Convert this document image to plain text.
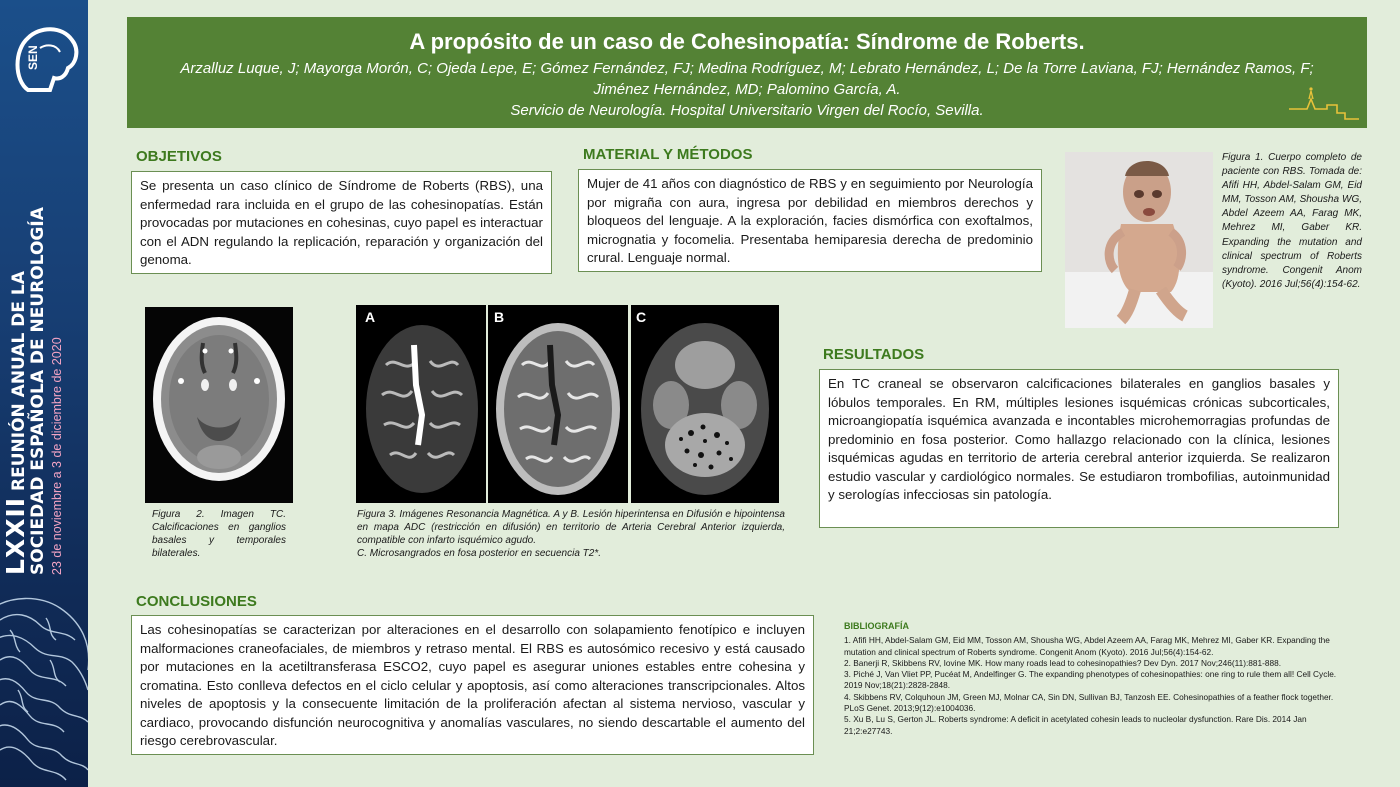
SEN
LXXII REUNIÓN ANUAL DE LA SOCIEDAD ESPAÑOLA DE NEUROLOGÍA 23 de noviembre a 3 de diciembre de 2020
A propósito de un caso de Cohesinopatía: Síndrome de Roberts.
Arzalluz Luque, J; Mayorga Morón, C; Ojeda Lepe, E; Gómez Fernández, FJ; Medina Rodríguez, M; Lebrato Hernández, L; De la Torre Laviana, FJ; Hernández Ramos, F; Jiménez Hernández, MD; Palomino García, A.
Servicio de Neurología. Hospital Universitario Virgen del Rocío, Sevilla.
OBJETIVOS
Se presenta un caso clínico de Síndrome de Roberts (RBS), una enfermedad rara incluida en el grupo de las cohesinopatías. Están provocadas por mutaciones en cohesinas, cuyo papel es interactuar con el ADN regulando la replicación, reparación y organización del genoma.
MATERIAL Y MÉTODOS
Mujer de 41 años con diagnóstico de RBS y en seguimiento por Neurología por migraña con aura, ingresa por debilidad en miembros derechos y bloqueos del lenguaje. A la exploración, facies dismórfica con exoftalmos, micrognatia y focomelia. Presentaba hemiparesia derecha de predominio crural. Lenguaje normal.
Figura 1. Cuerpo completo de paciente con RBS. Tomada de: Afifi HH, Abdel-Salam GM, Eid MM, Tosson AM, Shousha WG, Abdel Azeem AA, Farag MK, Mehrez MI, Gaber KR. Expanding the mutation and clinical spectrum of Roberts syndrome. Congenit Anom (Kyoto). 2016 Jul;56(4):154-62.
Figura 2. Imagen TC. Calcificaciones en ganglios basales y temporales bilaterales.
A	B	C
Figura 3. Imágenes Resonancia Magnética. A y B. Lesión hiperintensa en Difusión e hipointensa en mapa ADC (restricción en difusión) en territorio de Arteria Cerebral Anterior izquierda, compatible con infarto isquémico agudo.
C. Microsangrados en fosa posterior en secuencia T2*.
RESULTADOS
En TC craneal se observaron calcificaciones bilaterales en ganglios basales y lóbulos temporales. En RM, múltiples lesiones isquémicas crónicas subcorticales, microangiopatía isquémica avanzada e incontables microhemorragias profundas de predominio en fosa posterior. Como hallazgo relacionado con la clínica, lesiones isquémicas agudas en territorio de arteria cerebral anterior izquierda. Se realizaron estudio vascular y cardiológico normales. Se estudiaron trombofilias, autoinmunidad y serologías infecciosas sin patología.
CONCLUSIONES
Las cohesinopatías se caracterizan por alteraciones en el desarrollo con solapamiento fenotípico e incluyen malformaciones craneofaciales, de miembros y retraso mental. El RBS es autosómico recesivo y está causado por mutaciones en la acetiltransferasa ESCO2, cuyo papel es asegurar uniones estables entre cohesina y cromatina. Esto conlleva defectos en el ciclo celular y apoptosis, así como alteraciones transcripcionales. Altos niveles de apoptosis y la consecuente limitación de la proliferación afectan al sistema nervioso, vascular y cardiaco, provocando disfunción neurocognitiva y anomalías vasculares, no siendo descartable el aumento del riesgo cerebrovascular.
BIBLIOGRAFÍA
1. Afifi HH, Abdel-Salam GM, Eid MM, Tosson AM, Shousha WG, Abdel Azeem AA, Farag MK, Mehrez MI, Gaber KR. Expanding the mutation and clinical spectrum of Roberts syndrome. Congenit Anom (Kyoto). 2016 Jul;56(4):154-62.
2. Banerji R, Skibbens RV, Iovine MK. How many roads lead to cohesinopathies? Dev Dyn. 2017 Nov;246(11):881-888.
3. Piché J, Van Vliet PP, Pucéat M, Andelfinger G. The expanding phenotypes of cohesinopathies: one ring to rule them all! Cell Cycle. 2019 Nov;18(21):2828-2848.
4. Skibbens RV, Colquhoun JM, Green MJ, Molnar CA, Sin DN, Sullivan BJ, Tanzosh EE. Cohesinopathies of a feather flock together. PLoS Genet. 2013;9(12):e1004036.
5. Xu B, Lu S, Gerton JL. Roberts syndrome: A deficit in acetylated cohesin leads to nucleolar dysfunction. Rare Dis. 2014 Jan 21;2:e27743.
